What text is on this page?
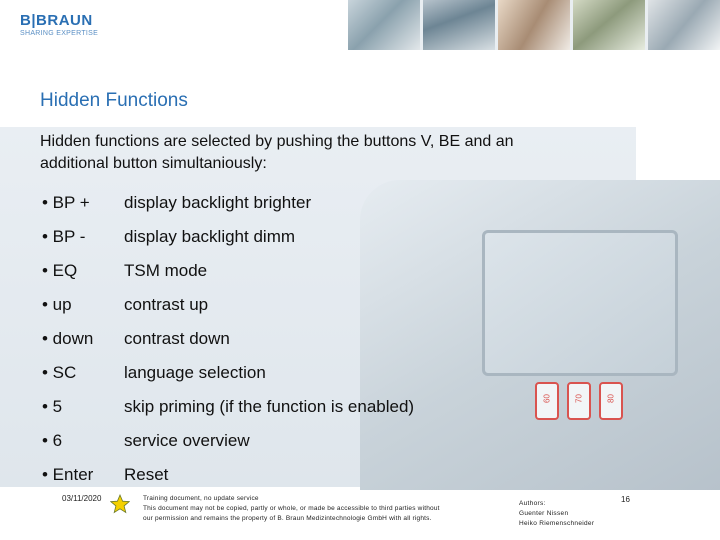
B|BRAUN
SHARING EXPERTISE
Hidden Functions
60	70	80

Hidden functions are selected by pushing the buttons V, BE and an additional button simultaniously:

• BP +	display backlight brighter
• BP -	display backlight dimm
• EQ	TSM mode
• up	contrast up
• down	contrast down
• SC	language selection
• 5	skip priming (if the function is enabled)
• 6	service overview
• Enter	Reset
03/11/2020	Training document, no update service
This document may not be copied, partly or whole, or made be accessible to third parties without
our permission and remains the property of B. Braun Medizintechnologie GmbH with all rights.
Authors:
Guenter Nissen
Heiko Riemenschneider
16
